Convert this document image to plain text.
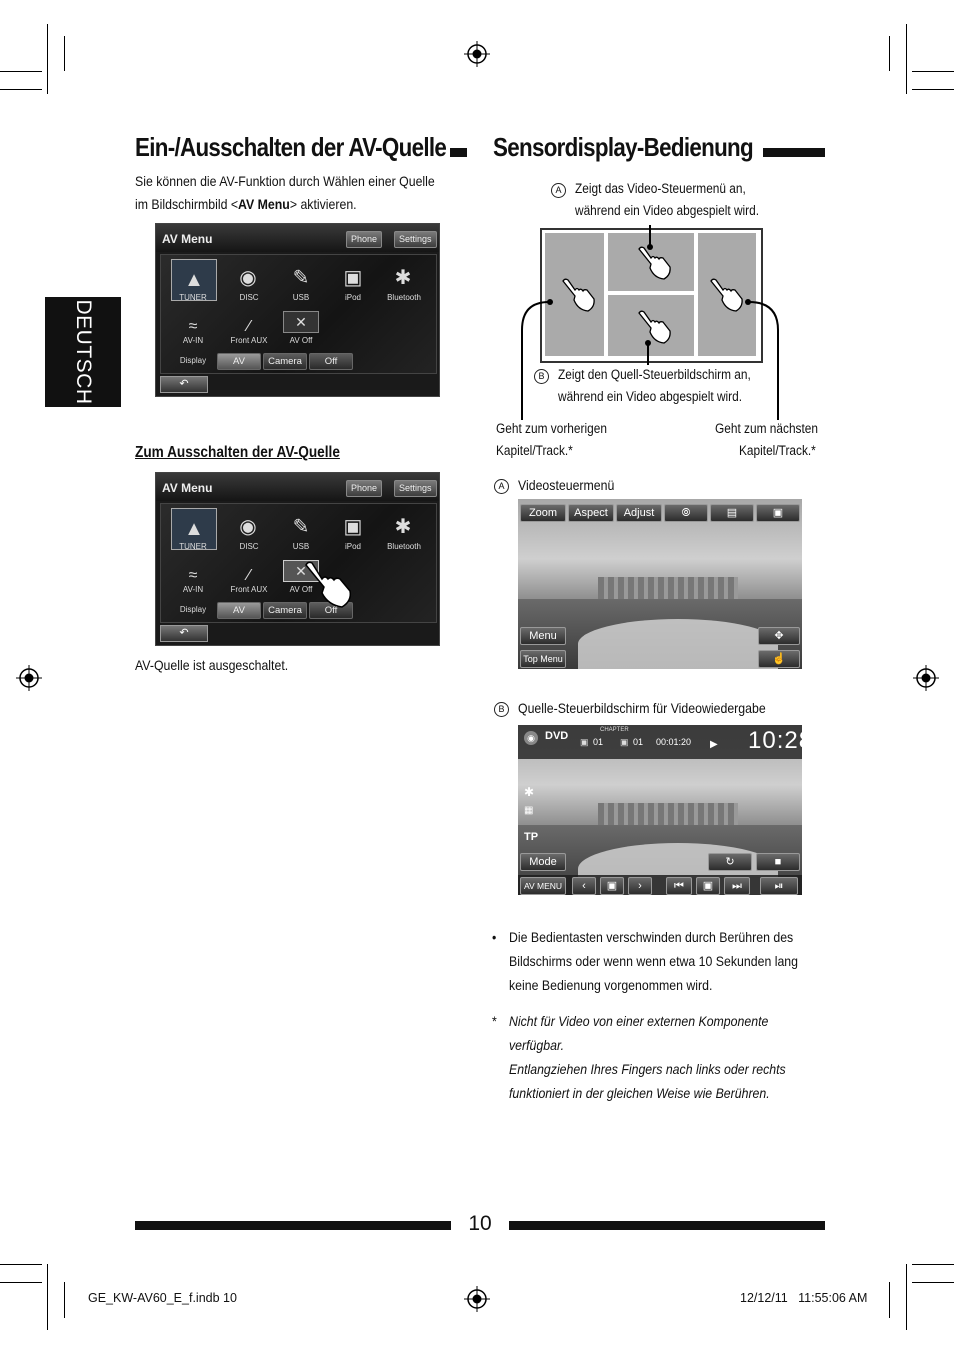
DEUTSCH
Ein-/Ausschalten der AV-Quelle
Sie können die AV-Funktion durch Wählen einer Quelle
im Bildschirmbild <AV Menu> aktivieren.
AV Menu	Phone	Settings
▲	◉	✎	▣	✱
TUNER	DISC	USB	iPod	Bluetooth
≈	∕	✕
AV-IN	Front AUX	AV Off
Display	AV	Camera	Off
↶
Zum Ausschalten der AV-Quelle
AV Menu	Phone	Settings
▲	◉	✎	▣	✱
TUNER	DISC	USB	iPod	Bluetooth
≈	∕	✕
AV-IN	Front AUX	AV Off
Display	AV	Camera	Off
↶
AV-Quelle ist ausgeschaltet.
Sensordisplay-Bedienung
A	Zeigt das Video-Steuermenü an,
während ein Video abgespielt wird.
B	Zeigt den Quell-Steuerbildschirm an,
während ein Video abgespielt wird.
Geht zum vorherigen
Kapitel/Track.*
Geht zum nächsten
Kapitel/Track.*
A Videosteuermenü
Zoom	Aspect	Adjust	⦾	▤	▣
Menu
Top Menu
✥
☝
B Quelle-Steuerbildschirm für Videowiedergabe
◉ DVD	CHAPTER
▣ 01 ▣ 01 00:01:20 ▶ 10:28
✱
▦
TP
Mode	↻	■
AV MENU	‹	▣	›	⏮	▣	⏭	⏯
• Die Bedientasten verschwinden durch Berühren des
Bildschirms oder wenn wenn etwa 10 Sekunden lang
keine Bedienung vorgenommen wird.
* Nicht für Video von einer externen Komponente
verfügbar.
Entlangziehen Ihres Fingers nach links oder rechts
funktioniert in der gleichen Weise wie Berühren.
10
GE_KW-AV60_E_f.indb 10	12/12/11   11:55:06 AM
